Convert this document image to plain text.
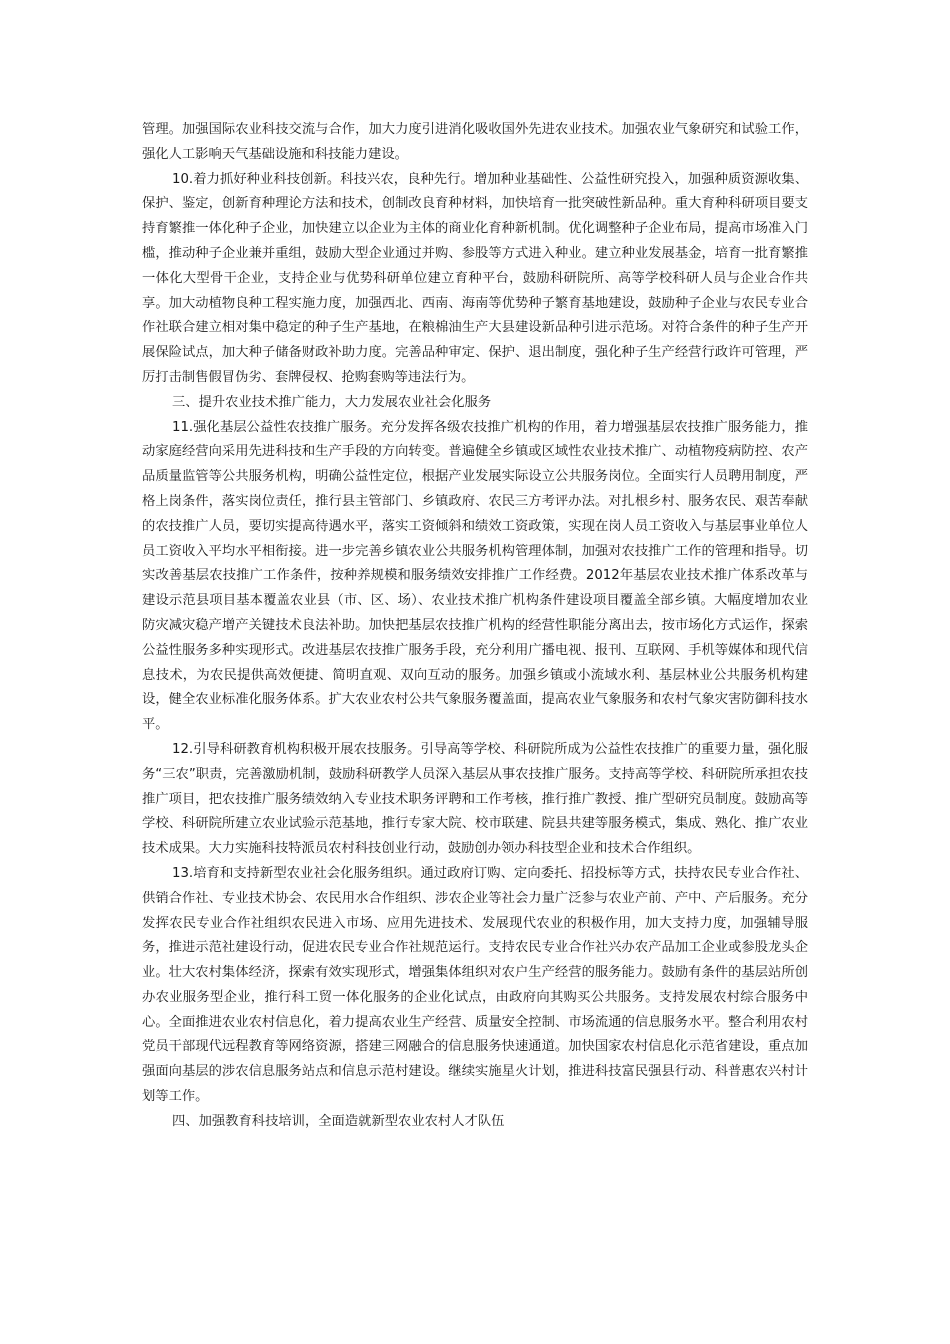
管理。加强国际农业科技交流与合作，加大力度引进消化吸收国外先进农业技术。加强农业气象研究和试验工作，强化人工影响天气基础设施和科技能力建设。

10.着力抓好种业科技创新。科技兴农，良种先行。增加种业基础性、公益性研究投入，加强种质资源收集、保护、鉴定，创新育种理论方法和技术，创制改良育种材料，加快培育一批突破性新品种。重大育种科研项目要支持育繁推一体化种子企业，加快建立以企业为主体的商业化育种新机制。优化调整种子企业布局，提高市场准入门槛，推动种子企业兼并重组，鼓励大型企业通过并购、参股等方式进入种业。建立种业发展基金，培育一批育繁推一体化大型骨干企业，支持企业与优势科研单位建立育种平台，鼓励科研院所、高等学校科研人员与企业合作共享。加大动植物良种工程实施力度，加强西北、西南、海南等优势种子繁育基地建设，鼓励种子企业与农民专业合作社联合建立相对集中稳定的种子生产基地，在粮棉油生产大县建设新品种引进示范场。对符合条件的种子生产开展保险试点，加大种子储备财政补助力度。完善品种审定、保护、退出制度，强化种子生产经营行政许可管理，严厉打击制售假冒伪劣、套牌侵权、抢购套购等违法行为。

三、提升农业技术推广能力，大力发展农业社会化服务

11.强化基层公益性农技推广服务。充分发挥各级农技推广机构的作用，着力增强基层农技推广服务能力，推动家庭经营向采用先进科技和生产手段的方向转变。普遍健全乡镇或区域性农业技术推广、动植物疫病防控、农产品质量监管等公共服务机构，明确公益性定位，根据产业发展实际设立公共服务岗位。全面实行人员聘用制度，严格上岗条件，落实岗位责任，推行县主管部门、乡镇政府、农民三方考评办法。对扎根乡村、服务农民、艰苦奉献的农技推广人员，要切实提高待遇水平，落实工资倾斜和绩效工资政策，实现在岗人员工资收入与基层事业单位人员工资收入平均水平相衔接。进一步完善乡镇农业公共服务机构管理体制，加强对农技推广工作的管理和指导。切实改善基层农技推广工作条件，按种养规模和服务绩效安排推广工作经费。2012年基层农业技术推广体系改革与建设示范县项目基本覆盖农业县（市、区、场）、农业技术推广机构条件建设项目覆盖全部乡镇。大幅度增加农业防灾减灾稳产增产关键技术良法补助。加快把基层农技推广机构的经营性职能分离出去，按市场化方式运作，探索公益性服务多种实现形式。改进基层农技推广服务手段，充分利用广播电视、报刊、互联网、手机等媒体和现代信息技术，为农民提供高效便捷、简明直观、双向互动的服务。加强乡镇或小流域水利、基层林业公共服务机构建设，健全农业标准化服务体系。扩大农业农村公共气象服务覆盖面，提高农业气象服务和农村气象灾害防御科技水平。

12.引导科研教育机构积极开展农技服务。引导高等学校、科研院所成为公益性农技推广的重要力量，强化服务“三农”职责，完善激励机制，鼓励科研教学人员深入基层从事农技推广服务。支持高等学校、科研院所承担农技推广项目，把农技推广服务绩效纳入专业技术职务评聘和工作考核，推行推广教授、推广型研究员制度。鼓励高等学校、科研院所建立农业试验示范基地，推行专家大院、校市联建、院县共建等服务模式，集成、熟化、推广农业技术成果。大力实施科技特派员农村科技创业行动，鼓励创办领办科技型企业和技术合作组织。

13.培育和支持新型农业社会化服务组织。通过政府订购、定向委托、招投标等方式，扶持农民专业合作社、供销合作社、专业技术协会、农民用水合作组织、涉农企业等社会力量广泛参与农业产前、产中、产后服务。充分发挥农民专业合作社组织农民进入市场、应用先进技术、发展现代农业的积极作用，加大支持力度，加强辅导服务，推进示范社建设行动，促进农民专业合作社规范运行。支持农民专业合作社兴办农产品加工企业或参股龙头企业。壮大农村集体经济，探索有效实现形式，增强集体组织对农户生产经营的服务能力。鼓励有条件的基层站所创办农业服务型企业，推行科工贸一体化服务的企业化试点，由政府向其购买公共服务。支持发展农村综合服务中心。全面推进农业农村信息化，着力提高农业生产经营、质量安全控制、市场流通的信息服务水平。整合利用农村党员干部现代远程教育等网络资源，搭建三网融合的信息服务快速通道。加快国家农村信息化示范省建设，重点加强面向基层的涉农信息服务站点和信息示范村建设。继续实施星火计划，推进科技富民强县行动、科普惠农兴村计划等工作。

四、加强教育科技培训，全面造就新型农业农村人才队伍
